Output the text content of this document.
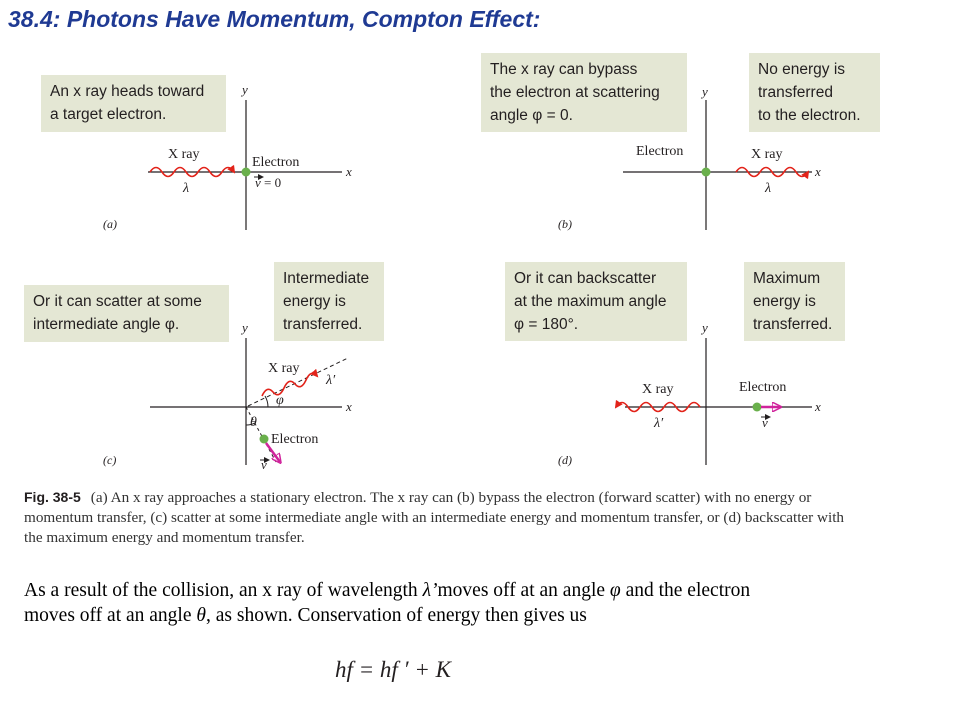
38.4: Photons Have Momentum, Compton Effect:
An x ray heads toward
a target electron.
The x ray can bypass
the electron at scattering
angle φ = 0.
No energy is
transferred
to the electron.
Or it can scatter at some
intermediate angle φ.
Intermediate
energy is
transferred.
Or it can backscatter
at the maximum angle
φ = 180°.
Maximum
energy is
transferred.
x
y
X ray
λ
Electron
v = 0
(a)
x
y
Electron	X ray
λ
(b)
x
y
φ
X ray
λ′
θ
Electron
v
(c)
x
y
X ray
λ′
Electron
v
(d)
Fig. 38-5 (a) An x ray approaches a stationary electron. The x ray can (b) bypass the electron (forward scatter) with no energy or momentum transfer, (c) scatter at some intermediate angle with an intermediate energy and momentum transfer, or (d) backscatter with the maximum energy and momentum transfer.
As a result of the collision, an x ray of wavelength λ’moves off at an angle φ and the electron
moves off at an angle θ, as shown. Conservation of energy then gives us
hf = hf ′ + K
